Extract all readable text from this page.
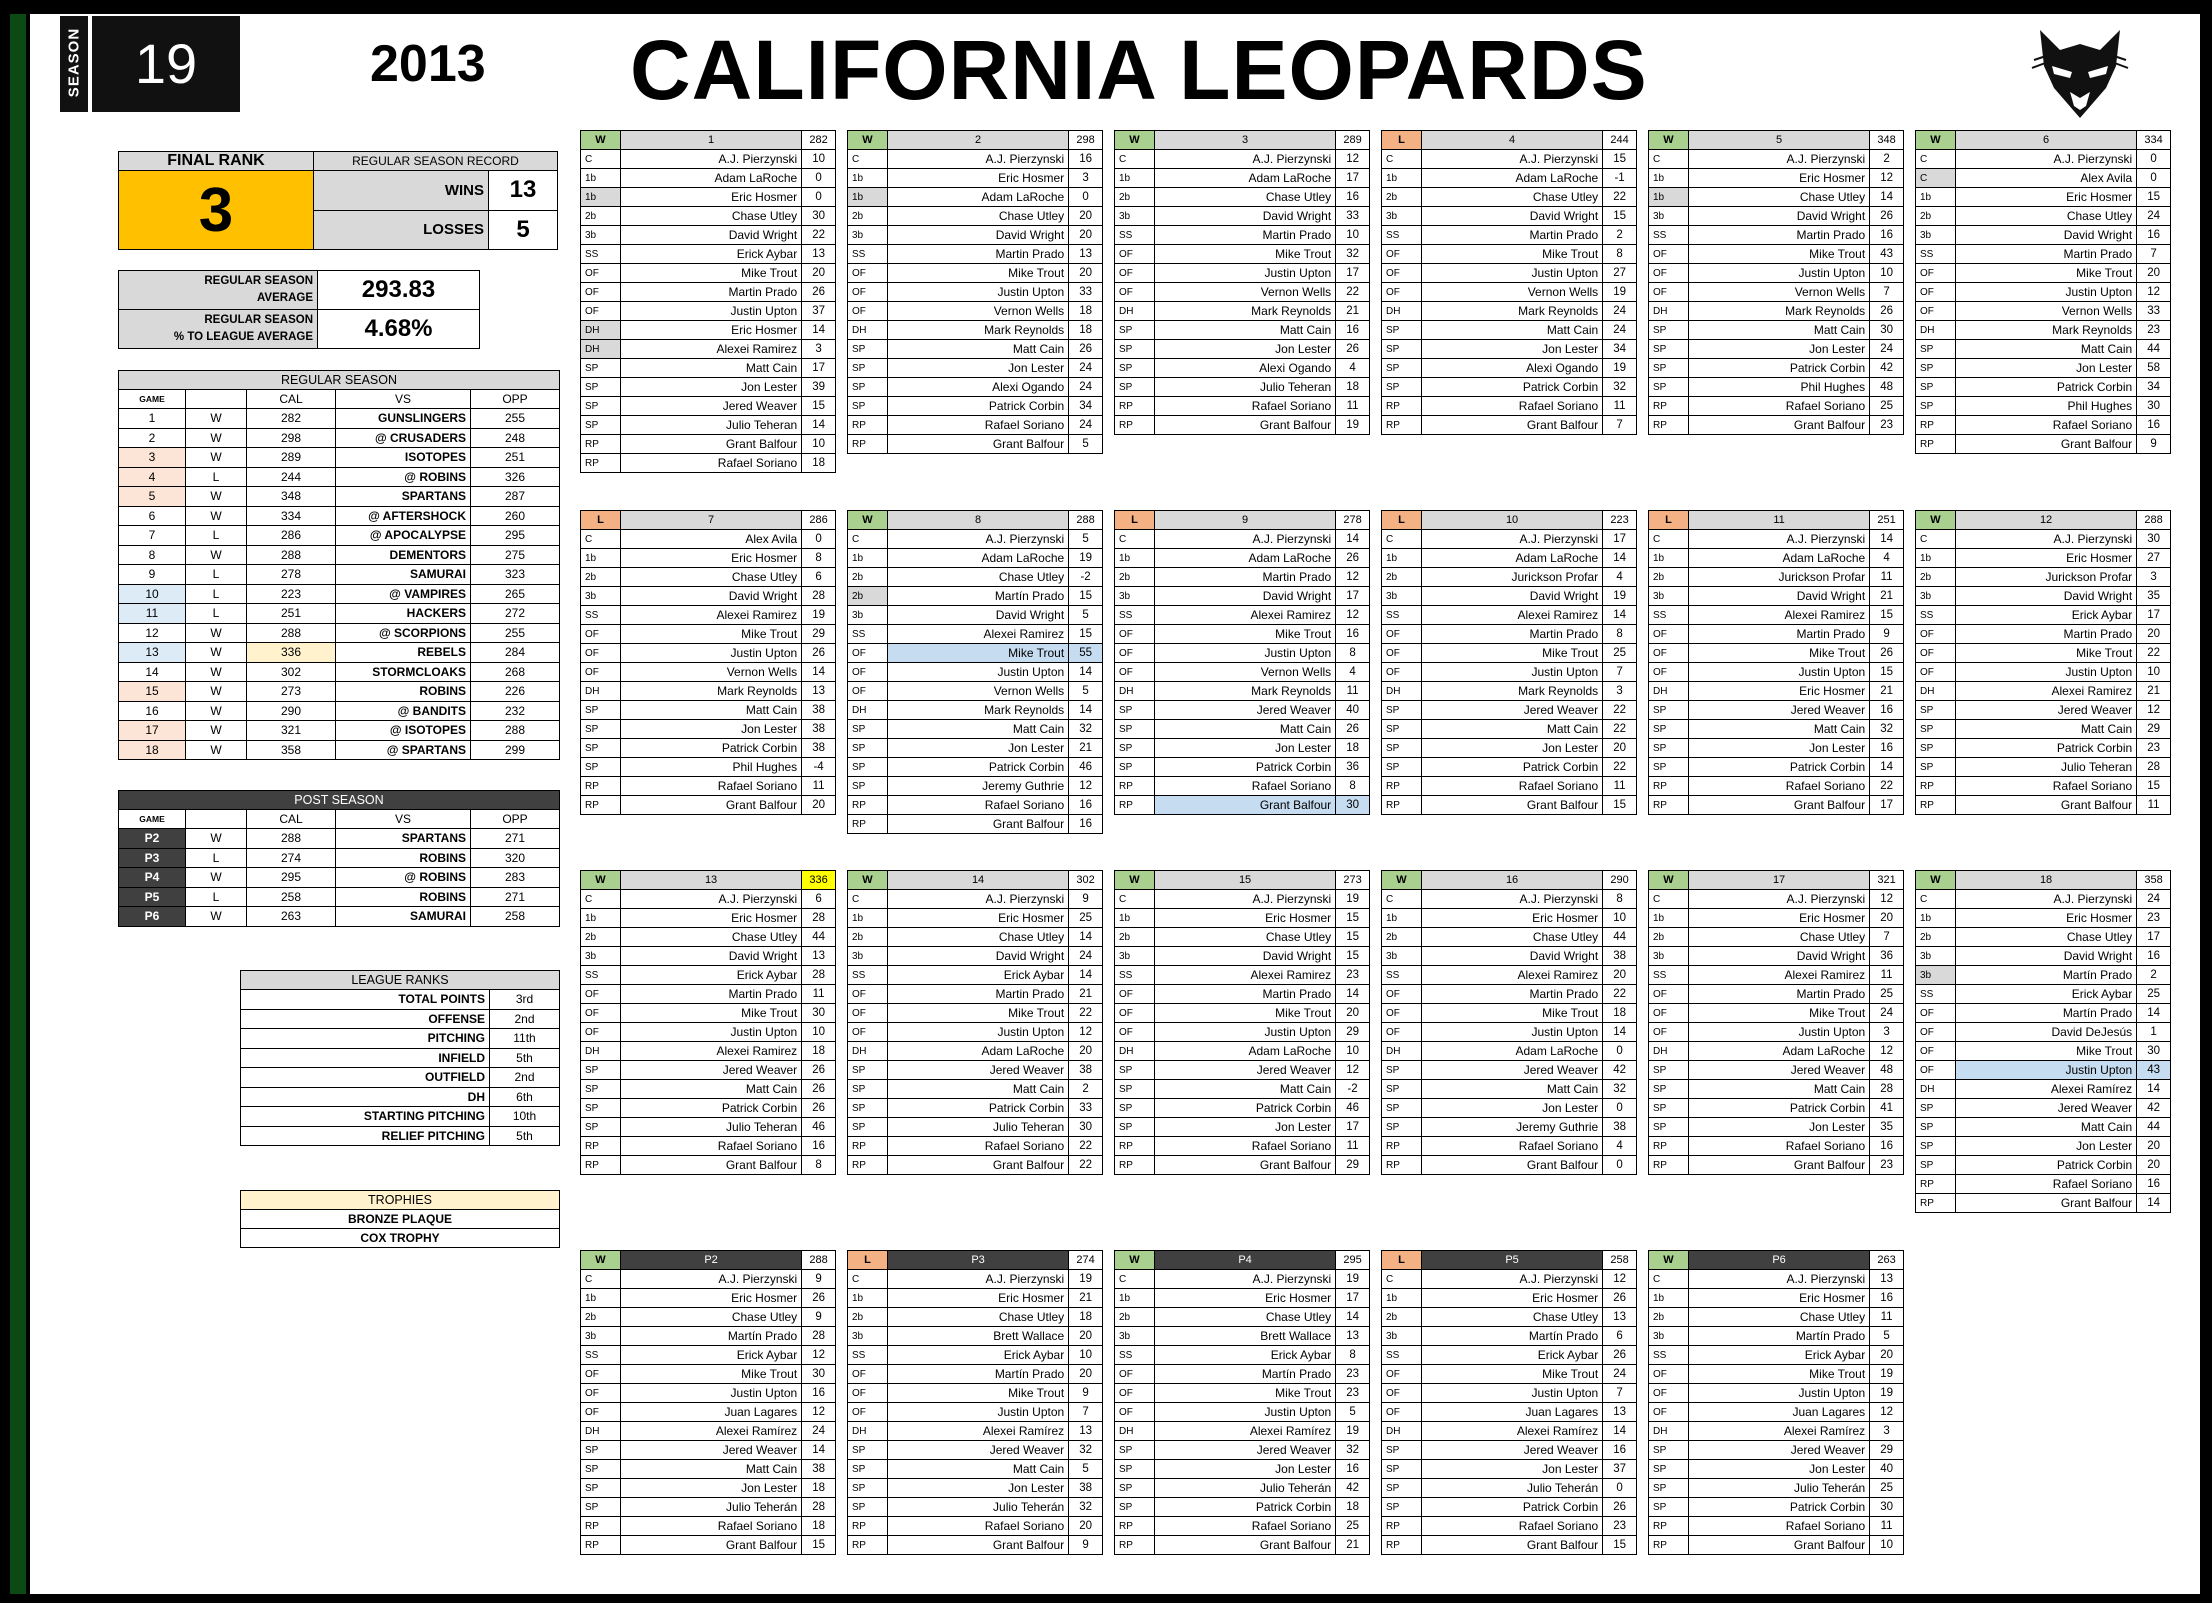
SEASON 19	2013 CALIFORNIA LEOPARDS
FINAL RANK	REGULAR SEASON RECORD	
3	WINS	13
	LOSSES	5
REGULAR SEASON
AVERAGE	293.83
REGULAR SEASON
% TO LEAGUE AVERAGE	4.68%
REGULAR SEASON				
GAME		CAL	VS	OPP
1	W	282	GUNSLINGERS	255
2	W	298	@ CRUSADERS	248
3	W	289	ISOTOPES	251
4	L	244	@ ROBINS	326
5	W	348	SPARTANS	287
6	W	334	@ AFTERSHOCK	260
7	L	286	@ APOCALYPSE	295
8	W	288	DEMENTORS	275
9	L	278	SAMURAI	323
10	L	223	@ VAMPIRES	265
11	L	251	HACKERS	272
12	W	288	@ SCORPIONS	255
13	W	336	REBELS	284
14	W	302	STORMCLOAKS	268
15	W	273	ROBINS	226
16	W	290	@ BANDITS	232
17	W	321	@ ISOTOPES	288
18	W	358	@ SPARTANS	299
POST SEASON				
GAME		CAL	VS	OPP
P2	W	288	SPARTANS	271
P3	L	274	ROBINS	320
P4	W	295	@ ROBINS	283
P5	L	258	ROBINS	271
P6	W	263	SAMURAI	258
LEAGUE RANKS	
TOTAL POINTS	3rd
OFFENSE	2nd
PITCHING	11th
INFIELD	5th
OUTFIELD	2nd
DH	6th
STARTING PITCHING	10th
RELIEF PITCHING	5th
TROPHIES
BRONZE PLAQUE
COX TROPHY
W	1	282
C	A.J. Pierzynski	10
1b	Adam LaRoche	0
1b	Eric Hosmer	0
2b	Chase Utley	30
3b	David Wright	22
SS	Erick Aybar	13
OF	Mike Trout	20
OF	Martin Prado	26
OF	Justin Upton	37
DH	Eric Hosmer	14
DH	Alexei Ramirez	3
SP	Matt Cain	17
SP	Jon Lester	39
SP	Jered Weaver	15
SP	Julio Teheran	14
RP	Grant Balfour	10
RP	Rafael Soriano	18
W	2	298
C	A.J. Pierzynski	16
1b	Eric Hosmer	3
1b	Adam LaRoche	0
2b	Chase Utley	20
3b	David Wright	20
SS	Martin Prado	13
OF	Mike Trout	20
OF	Justin Upton	33
OF	Vernon Wells	18
DH	Mark Reynolds	18
SP	Matt Cain	26
SP	Jon Lester	24
SP	Alexi Ogando	24
SP	Patrick Corbin	34
RP	Rafael Soriano	24
RP	Grant Balfour	5
W	3	289
C	A.J. Pierzynski	12
1b	Adam LaRoche	17
2b	Chase Utley	16
3b	David Wright	33
SS	Martin Prado	10
OF	Mike Trout	32
OF	Justin Upton	17
OF	Vernon Wells	22
DH	Mark Reynolds	21
SP	Matt Cain	16
SP	Jon Lester	26
SP	Alexi Ogando	4
SP	Julio Teheran	18
RP	Rafael Soriano	11
RP	Grant Balfour	19
L	4	244
C	A.J. Pierzynski	15
1b	Adam LaRoche	-1
2b	Chase Utley	22
3b	David Wright	15
SS	Martin Prado	2
OF	Mike Trout	8
OF	Justin Upton	27
OF	Vernon Wells	19
DH	Mark Reynolds	24
SP	Matt Cain	24
SP	Jon Lester	34
SP	Alexi Ogando	19
SP	Patrick Corbin	32
RP	Rafael Soriano	11
RP	Grant Balfour	7
W	5	348
C	A.J. Pierzynski	2
1b	Eric Hosmer	12
1b	Chase Utley	14
3b	David Wright	26
SS	Martin Prado	16
OF	Mike Trout	43
OF	Justin Upton	10
OF	Vernon Wells	7
DH	Mark Reynolds	26
SP	Matt Cain	30
SP	Jon Lester	24
SP	Patrick Corbin	42
SP	Phil Hughes	48
RP	Rafael Soriano	25
RP	Grant Balfour	23
W	6	334
C	A.J. Pierzynski	0
C	Alex Avila	0
1b	Eric Hosmer	15
2b	Chase Utley	24
3b	David Wright	16
SS	Martin Prado	7
OF	Mike Trout	20
OF	Justin Upton	12
OF	Vernon Wells	33
DH	Mark Reynolds	23
SP	Matt Cain	44
SP	Jon Lester	58
SP	Patrick Corbin	34
SP	Phil Hughes	30
RP	Rafael Soriano	16
RP	Grant Balfour	9
L	7	286
C	Alex Avila	0
1b	Eric Hosmer	8
2b	Chase Utley	6
3b	David Wright	28
SS	Alexei Ramirez	19
OF	Mike Trout	29
OF	Justin Upton	26
OF	Vernon Wells	14
DH	Mark Reynolds	13
SP	Matt Cain	38
SP	Jon Lester	38
SP	Patrick Corbin	38
SP	Phil Hughes	-4
RP	Rafael Soriano	11
RP	Grant Balfour	20
W	8	288
C	A.J. Pierzynski	5
1b	Adam LaRoche	19
2b	Chase Utley	-2
2b	Martín Prado	15
3b	David Wright	5
SS	Alexei Ramirez	15
OF	Mike Trout	55
OF	Justin Upton	14
OF	Vernon Wells	5
DH	Mark Reynolds	14
SP	Matt Cain	32
SP	Jon Lester	21
SP	Patrick Corbin	46
SP	Jeremy Guthrie	12
RP	Rafael Soriano	16
RP	Grant Balfour	16
L	9	278
C	A.J. Pierzynski	14
1b	Adam LaRoche	26
2b	Martin Prado	12
3b	David Wright	17
SS	Alexei Ramirez	12
OF	Mike Trout	16
OF	Justin Upton	8
OF	Vernon Wells	4
DH	Mark Reynolds	11
SP	Jered Weaver	40
SP	Matt Cain	26
SP	Jon Lester	18
SP	Patrick Corbin	36
RP	Rafael Soriano	8
RP	Grant Balfour	30
L	10	223
C	A.J. Pierzynski	17
1b	Adam LaRoche	14
2b	Jurickson Profar	4
3b	David Wright	19
SS	Alexei Ramirez	14
OF	Martin Prado	8
OF	Mike Trout	25
OF	Justin Upton	7
DH	Mark Reynolds	3
SP	Jered Weaver	22
SP	Matt Cain	22
SP	Jon Lester	20
SP	Patrick Corbin	22
RP	Rafael Soriano	11
RP	Grant Balfour	15
L	11	251
C	A.J. Pierzynski	14
1b	Adam LaRoche	4
2b	Jurickson Profar	11
3b	David Wright	21
SS	Alexei Ramirez	15
OF	Martin Prado	9
OF	Mike Trout	26
OF	Justin Upton	15
DH	Eric Hosmer	21
SP	Jered Weaver	16
SP	Matt Cain	32
SP	Jon Lester	16
SP	Patrick Corbin	14
RP	Rafael Soriano	22
RP	Grant Balfour	17
W	12	288
C	A.J. Pierzynski	30
1b	Eric Hosmer	27
2b	Jurickson Profar	3
3b	David Wright	35
SS	Erick Aybar	17
OF	Martin Prado	20
OF	Mike Trout	22
OF	Justin Upton	10
DH	Alexei Ramirez	21
SP	Jered Weaver	12
SP	Matt Cain	29
SP	Patrick Corbin	23
SP	Julio Teheran	28
RP	Rafael Soriano	15
RP	Grant Balfour	11
W	13	336
C	A.J. Pierzynski	6
1b	Eric Hosmer	28
2b	Chase Utley	44
3b	David Wright	13
SS	Erick Aybar	28
OF	Martin Prado	11
OF	Mike Trout	30
OF	Justin Upton	10
DH	Alexei Ramirez	18
SP	Jered Weaver	26
SP	Matt Cain	26
SP	Patrick Corbin	26
SP	Julio Teheran	46
RP	Rafael Soriano	16
RP	Grant Balfour	8
W	14	302
C	A.J. Pierzynski	9
1b	Eric Hosmer	25
2b	Chase Utley	14
3b	David Wright	24
SS	Erick Aybar	14
OF	Martin Prado	21
OF	Mike Trout	22
OF	Justin Upton	12
DH	Adam LaRoche	20
SP	Jered Weaver	38
SP	Matt Cain	2
SP	Patrick Corbin	33
SP	Julio Teheran	30
RP	Rafael Soriano	22
RP	Grant Balfour	22
W	15	273
C	A.J. Pierzynski	19
1b	Eric Hosmer	15
2b	Chase Utley	15
3b	David Wright	15
SS	Alexei Ramirez	23
OF	Martin Prado	14
OF	Mike Trout	20
OF	Justin Upton	29
DH	Adam LaRoche	10
SP	Jered Weaver	12
SP	Matt Cain	-2
SP	Patrick Corbin	46
SP	Jon Lester	17
RP	Rafael Soriano	11
RP	Grant Balfour	29
W	16	290
C	A.J. Pierzynski	8
1b	Eric Hosmer	10
2b	Chase Utley	44
3b	David Wright	38
SS	Alexei Ramirez	20
OF	Martin Prado	22
OF	Mike Trout	18
OF	Justin Upton	14
DH	Adam LaRoche	0
SP	Jered Weaver	42
SP	Matt Cain	32
SP	Jon Lester	0
SP	Jeremy Guthrie	38
RP	Rafael Soriano	4
RP	Grant Balfour	0
W	17	321
C	A.J. Pierzynski	12
1b	Eric Hosmer	20
2b	Chase Utley	7
3b	David Wright	36
SS	Alexei Ramirez	11
OF	Martin Prado	25
OF	Mike Trout	24
OF	Justin Upton	3
DH	Adam LaRoche	12
SP	Jered Weaver	48
SP	Matt Cain	28
SP	Patrick Corbin	41
SP	Jon Lester	35
RP	Rafael Soriano	16
RP	Grant Balfour	23
W	18	358
C	A.J. Pierzynski	24
1b	Eric Hosmer	23
2b	Chase Utley	17
3b	David Wright	16
3b	Martín Prado	2
SS	Erick Aybar	25
OF	Martín Prado	14
OF	David DeJesús	1
OF	Mike Trout	30
OF	Justin Upton	43
DH	Alexei Ramírez	14
SP	Jered Weaver	42
SP	Matt Cain	44
SP	Jon Lester	20
SP	Patrick Corbin	20
RP	Rafael Soriano	16
RP	Grant Balfour	14
W	P2	288
C	A.J. Pierzynski	9
1b	Eric Hosmer	26
2b	Chase Utley	9
3b	Martín Prado	28
SS	Erick Aybar	12
OF	Mike Trout	30
OF	Justin Upton	16
OF	Juan Lagares	12
DH	Alexei Ramírez	24
SP	Jered Weaver	14
SP	Matt Cain	38
SP	Jon Lester	18
SP	Julio Teherán	28
RP	Rafael Soriano	18
RP	Grant Balfour	15
L	P3	274
C	A.J. Pierzynski	19
1b	Eric Hosmer	21
2b	Chase Utley	18
3b	Brett Wallace	20
SS	Erick Aybar	10
OF	Martín Prado	20
OF	Mike Trout	9
OF	Justin Upton	7
DH	Alexei Ramírez	13
SP	Jered Weaver	32
SP	Matt Cain	5
SP	Jon Lester	38
SP	Julio Teherán	32
RP	Rafael Soriano	20
RP	Grant Balfour	9
W	P4	295
C	A.J. Pierzynski	19
1b	Eric Hosmer	17
2b	Chase Utley	14
3b	Brett Wallace	13
SS	Erick Aybar	8
OF	Martín Prado	23
OF	Mike Trout	23
OF	Justin Upton	5
DH	Alexei Ramírez	19
SP	Jered Weaver	32
SP	Jon Lester	16
SP	Julio Teherán	42
SP	Patrick Corbin	18
RP	Rafael Soriano	25
RP	Grant Balfour	21
L	P5	258
C	A.J. Pierzynski	12
1b	Eric Hosmer	26
2b	Chase Utley	13
3b	Martín Prado	6
SS	Erick Aybar	26
OF	Mike Trout	24
OF	Justin Upton	7
OF	Juan Lagares	13
DH	Alexei Ramírez	14
SP	Jered Weaver	16
SP	Jon Lester	37
SP	Julio Teherán	0
SP	Patrick Corbin	26
RP	Rafael Soriano	23
RP	Grant Balfour	15
W	P6	263
C	A.J. Pierzynski	13
1b	Eric Hosmer	16
2b	Chase Utley	11
3b	Martín Prado	5
SS	Erick Aybar	20
OF	Mike Trout	19
OF	Justin Upton	19
OF	Juan Lagares	12
DH	Alexei Ramírez	3
SP	Jered Weaver	29
SP	Jon Lester	40
SP	Julio Teherán	25
SP	Patrick Corbin	30
RP	Rafael Soriano	11
RP	Grant Balfour	10
